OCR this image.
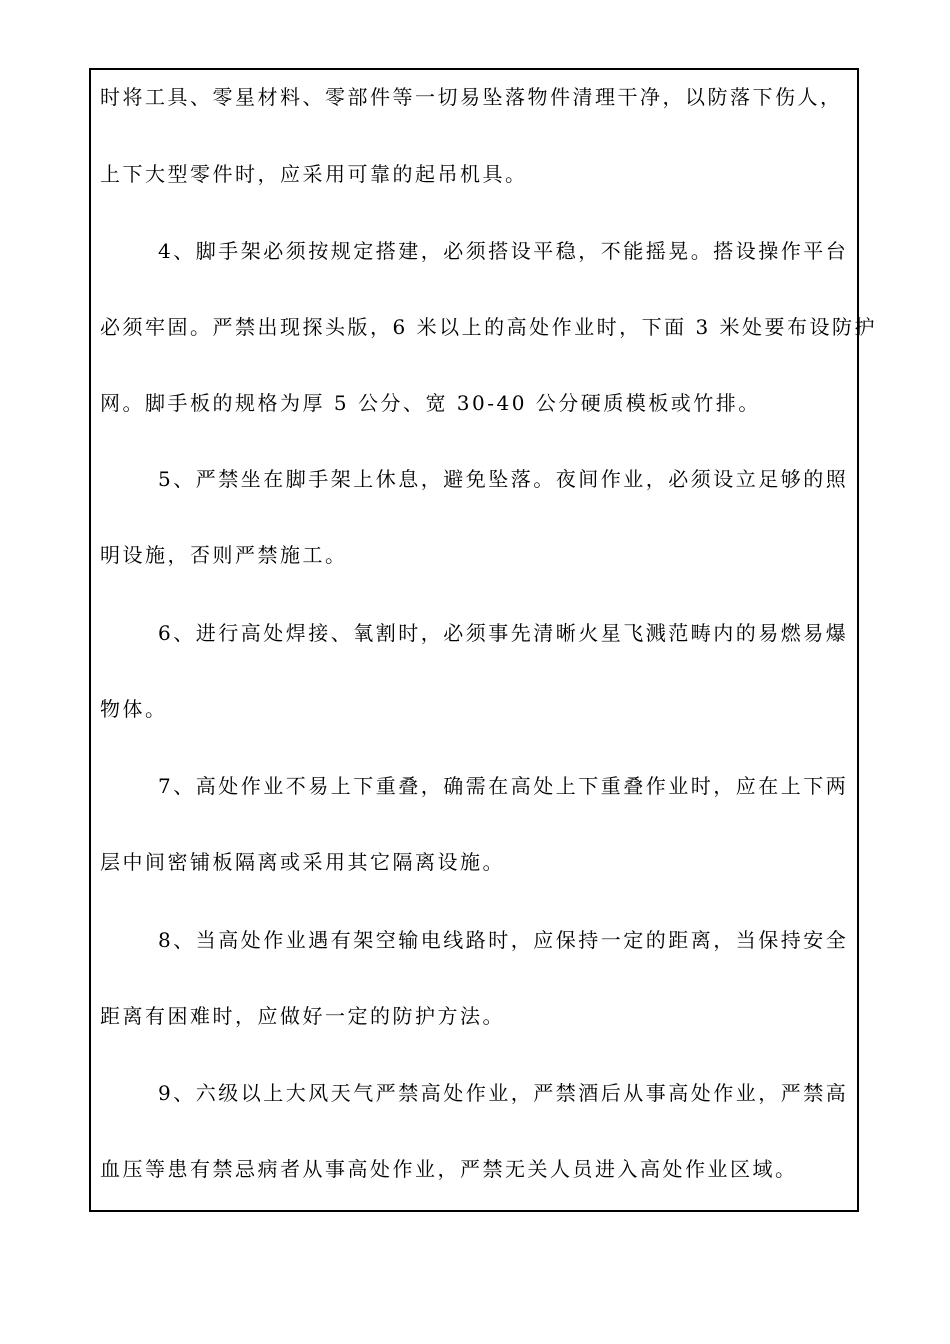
时将工具、零星材料、零部件等一切易坠落物件清理干净，以防落下伤人，
上下大型零件时，应采用可靠的起吊机具。
4、脚手架必须按规定搭建，必须搭设平稳，不能摇晃。搭设操作平台
必须牢固。严禁出现探头版，6 米以上的高处作业时，下面 3 米处要布设防护
网。脚手板的规格为厚 5 公分、宽 30-40 公分硬质模板或竹排。
5、严禁坐在脚手架上休息，避免坠落。夜间作业，必须设立足够的照
明设施，否则严禁施工。
6、进行高处焊接、氧割时，必须事先清晰火星飞溅范畴内的易燃易爆
物体。
7、高处作业不易上下重叠，确需在高处上下重叠作业时，应在上下两
层中间密铺板隔离或采用其它隔离设施。
8、当高处作业遇有架空输电线路时，应保持一定的距离，当保持安全
距离有困难时，应做好一定的防护方法。
9、六级以上大风天气严禁高处作业，严禁酒后从事高处作业，严禁高
血压等患有禁忌病者从事高处作业，严禁无关人员进入高处作业区域。
